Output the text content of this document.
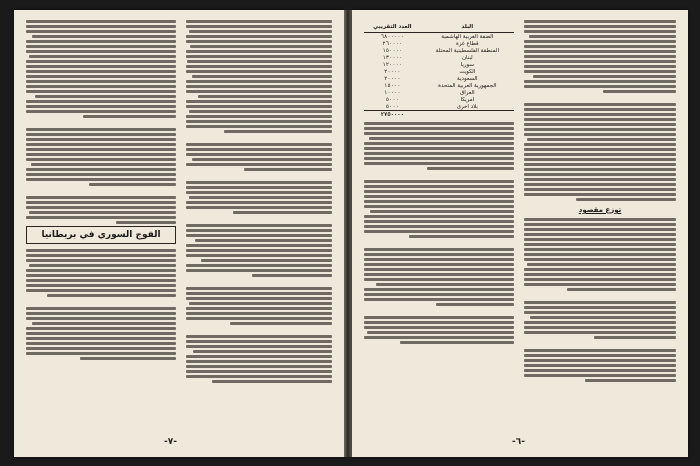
الفوج السوري في بريطانيا
-٧-
توزع مقصود
البلد	العدد التقريبي
الضفة الغربية الهاشمية	٦٨٠٠٠٠٠
قطاع غزة	٢٦٠٠٠٠
المنطقة الفلسطينية المحتلة	١٥٠٠٠٠
لبنان	١٣٠٠٠٠
سوريا	١٢٠٠٠٠
الكويت	٢٠٠٠٠
السعودية	٢٠٠٠٠
الجمهورية العربية المتحدة	١٥٠٠٠
العراق	١٠٠٠٠
امريكا	٥٠٠٠
بلاد اخرى	٥٠٠٠
	٢٧٥٠٠٠٠
-٦-
